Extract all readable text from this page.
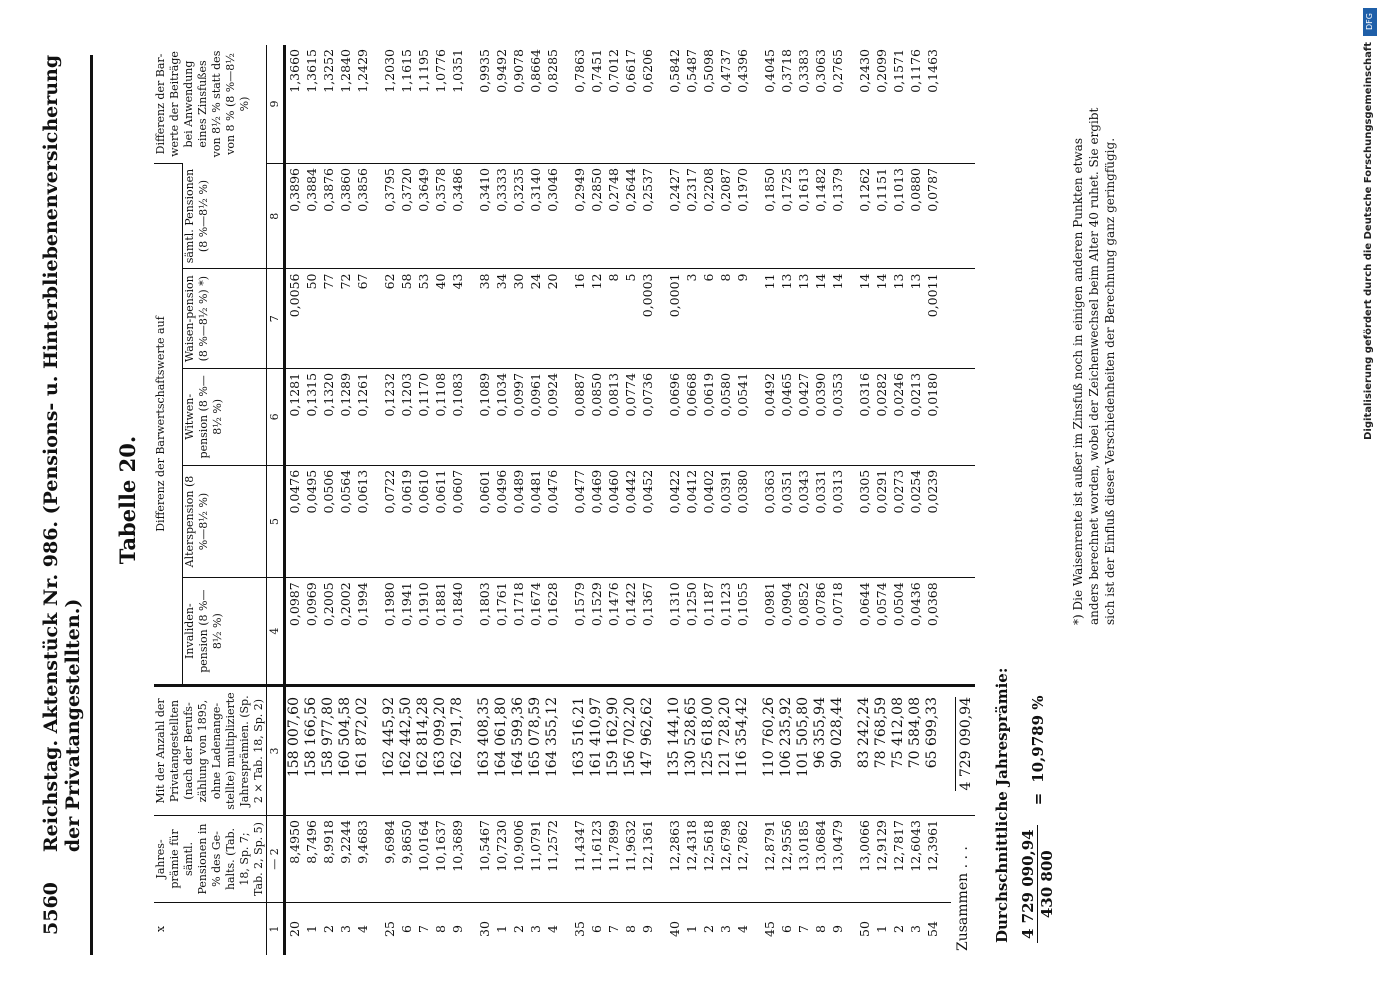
5560
Reichstag. Aktenstück Nr. 986. (Pensions- u. Hinterbliebenenversicherung der Privatangestellten.)
Tabelle 20.
x	Jahres-prämie für sämtl. Pensionen in % des Ge-halts. (Tab. 18, Sp. 7; Tab. 2, Sp. 5)	Mit der Anzahl der Privatangestellten (nach der Berufs-zählung von 1895, ohne Ladenange-stellte) multiplizierte Jahresprämien. (Sp. 2 × Tab. 18, Sp. 2)	Differenz der Barwertschaftswerte auf					Differenz der Bar-werte der Beiträge bei Anwendung eines Zinsfußes von 8½ % statt des von 8 % (8 %—8½ %)
			Invaliden-pension (8 %—8½ %)	Alterspension (8 %—8½ %)	Witwen-pension (8 %—8½ %)	Waisen-pension (8 %—8½ %) *)	sämtl. Pensionen (8 %—8½ %)	
1	— 2	3	4	5	6	7	8	9
20	8,4950	158 007,60	0,0987	0,0476	0,1281	0,0056	0,3896	1,3660
1	8,7496	158 166,56	0,0969	0,0495	0,1315	50	0,3884	1,3615
2	8,9918	158 977,80	0,2005	0,0506	0,1320	77	0,3876	1,3252
3	9,2244	160 504,58	0,2002	0,0564	0,1289	72	0,3860	1,2840
4	9,4683	161 872,02	0,1994	0,0613	0,1261	67	0,3856	1,2429
25	9,6984	162 445,92	0,1980	0,0722	0,1232	62	0,3795	1,2030
6	9,8650	162 442,50	0,1941	0,0619	0,1203	58	0,3720	1,1615
7	10,0164	162 814,28	0,1910	0,0610	0,1170	53	0,3649	1,1195
8	10,1637	163 099,20	0,1881	0,0611	0,1108	40	0,3578	1,0776
9	10,3689	162 791,78	0,1840	0,0607	0,1083	43	0,3486	1,0351
30	10,5467	163 408,35	0,1803	0,0601	0,1089	38	0,3410	0,9935
1	10,7230	164 061,80	0,1761	0,0496	0,1034	34	0,3333	0,9492
2	10,9006	164 599,36	0,1718	0,0489	0,0997	30	0,3235	0,9078
3	11,0791	165 078,59	0,1674	0,0481	0,0961	24	0,3140	0,8664
4	11,2572	164 355,12	0,1628	0,0476	0,0924	20	0,3046	0,8285
35	11,4347	163 516,21	0,1579	0,0477	0,0887	16	0,2949	0,7863
6	11,6123	161 410,97	0,1529	0,0469	0,0850	12	0,2850	0,7451
7	11,7899	159 162,90	0,1476	0,0460	0,0813	8	0,2748	0,7012
8	11,9632	156 702,20	0,1422	0,0442	0,0774	5	0,2644	0,6617
9	12,1361	147 962,62	0,1367	0,0452	0,0736	0,0003	0,2537	0,6206
40	12,2863	135 144,10	0,1310	0,0422	0,0696	0,0001	0,2427	0,5842
1	12,4318	130 528,65	0,1250	0,0412	0,0668	3	0,2317	0,5487
2	12,5618	125 618,00	0,1187	0,0402	0,0619	6	0,2208	0,5098
3	12,6798	121 728,20	0,1123	0,0391	0,0580	8	0,2087	0,4737
4	12,7862	116 354,42	0,1055	0,0380	0,0541	9	0,1970	0,4396
45	12,8791	110 760,26	0,0981	0,0363	0,0492	11	0,1850	0,4045
6	12,9556	106 235,92	0,0904	0,0351	0,0465	13	0,1725	0,3718
7	13,0185	101 505,80	0,0852	0,0343	0,0427	13	0,1613	0,3383
8	13,0684	96 355,94	0,0786	0,0331	0,0390	14	0,1482	0,3063
9	13,0479	90 028,44	0,0718	0,0313	0,0353	14	0,1379	0,2765
50	13,0066	83 242,24	0,0644	0,0305	0,0316	14	0,1262	0,2430
1	12,9129	78 768,59	0,0574	0,0291	0,0282	14	0,1151	0,2099
2	12,7817	75 412,08	0,0504	0,0273	0,0246	13	0,1013	0,1571
3	12,6043	70 584,08	0,0436	0,0254	0,0213	13	0,0880	0,1176
54	12,3961	65 699,33	0,0368	0,0239	0,0180	0,0011	0,0787	0,1463
Zusammen . . .		4 729 090,94						Durchschnittliche Jahresprämie: 4 729 090,94 430 800
=
10,9789 %
*) Die Waisenrente ist außer im Zinsfuß noch in einigen anderen Punkten etwas anders berechnet worden, wobei der Zeichenwechsel beim Alter 40 ruhet. Sie ergibt sich ist der Einfluß dieser Verschiedenheiten der Berechnung ganz geringfügig.
DFG
Digitalisierung gefördert durch die Deutsche Forschungsgemeinschaft
